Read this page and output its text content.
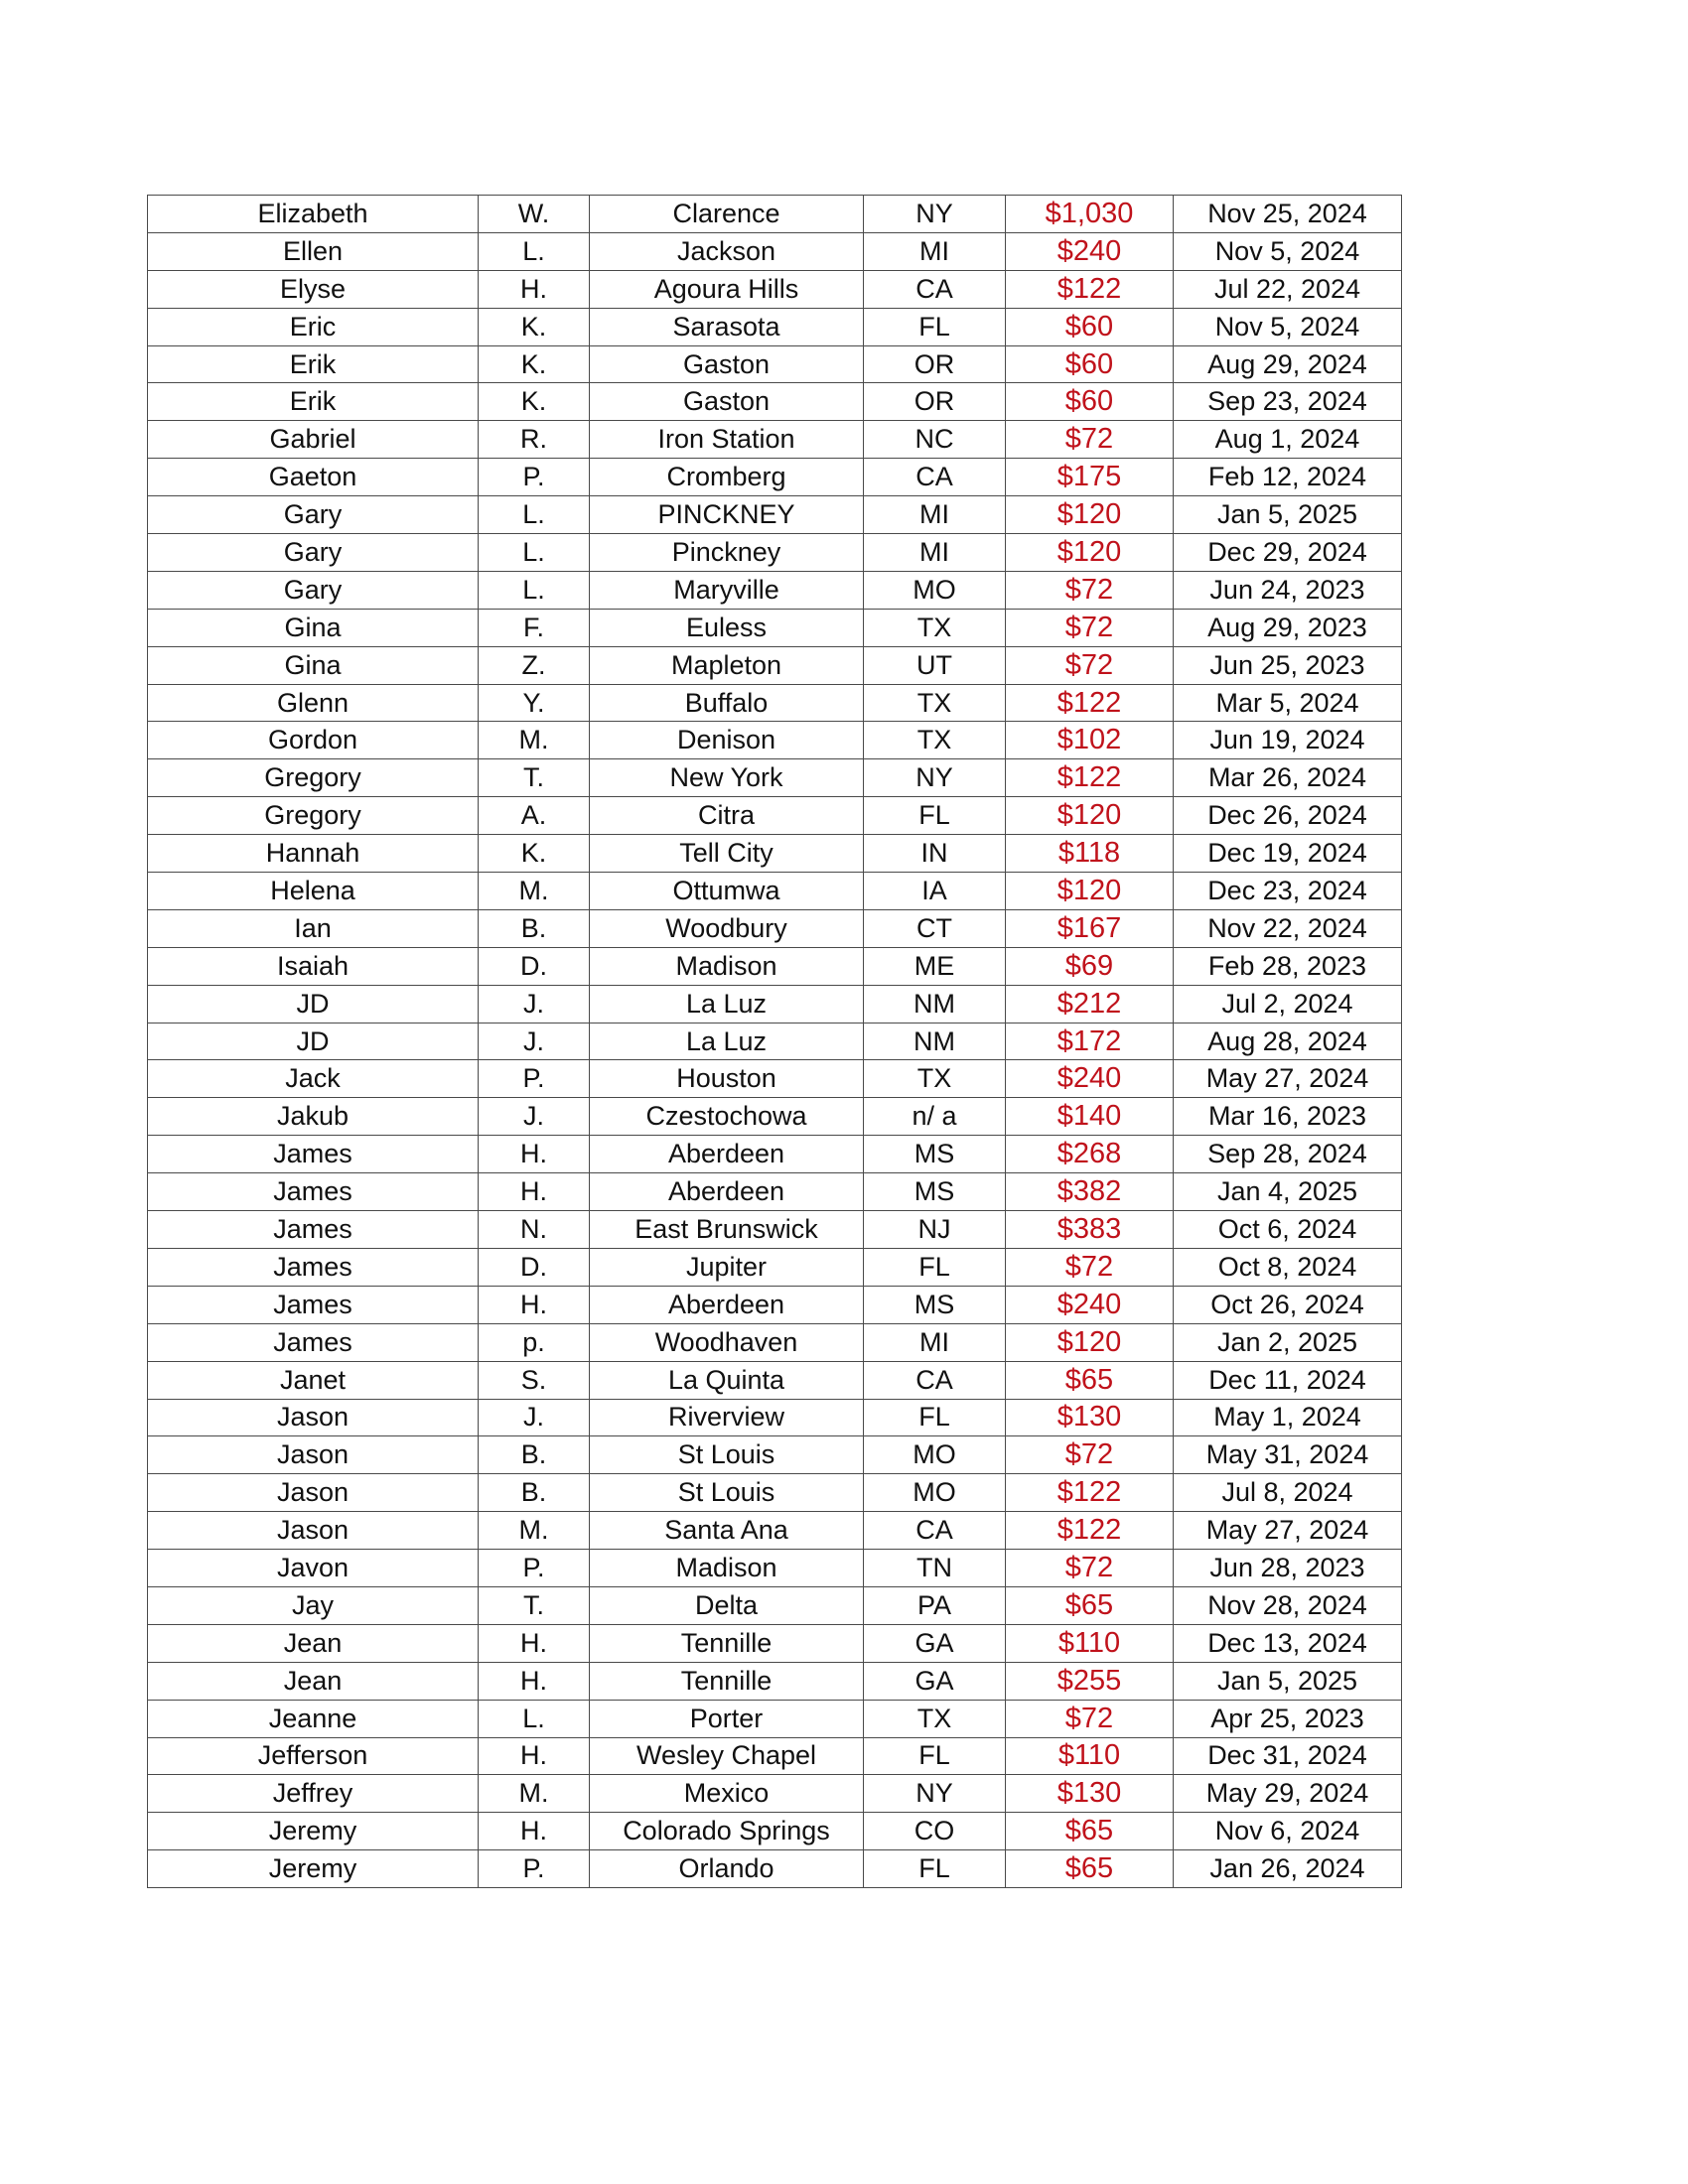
Elizabeth	W.	Clarence	NY	$1,030	Nov 25, 2024
Ellen	L.	Jackson	MI	$240	Nov 5, 2024
Elyse	H.	Agoura Hills	CA	$122	Jul 22, 2024
Eric	K.	Sarasota	FL	$60	Nov 5, 2024
Erik	K.	Gaston	OR	$60	Aug 29, 2024
Erik	K.	Gaston	OR	$60	Sep 23, 2024
Gabriel	R.	Iron Station	NC	$72	Aug 1, 2024
Gaeton	P.	Cromberg	CA	$175	Feb 12, 2024
Gary	L.	PINCKNEY	MI	$120	Jan 5, 2025
Gary	L.	Pinckney	MI	$120	Dec 29, 2024
Gary	L.	Maryville	MO	$72	Jun 24, 2023
Gina	F.	Euless	TX	$72	Aug 29, 2023
Gina	Z.	Mapleton	UT	$72	Jun 25, 2023
Glenn	Y.	Buffalo	TX	$122	Mar 5, 2024
Gordon	M.	Denison	TX	$102	Jun 19, 2024
Gregory	T.	New York	NY	$122	Mar 26, 2024
Gregory	A.	Citra	FL	$120	Dec 26, 2024
Hannah	K.	Tell City	IN	$118	Dec 19, 2024
Helena	M.	Ottumwa	IA	$120	Dec 23, 2024
Ian	B.	Woodbury	CT	$167	Nov 22, 2024
Isaiah	D.	Madison	ME	$69	Feb 28, 2023
JD	J.	La Luz	NM	$212	Jul 2, 2024
JD	J.	La Luz	NM	$172	Aug 28, 2024
Jack	P.	Houston	TX	$240	May 27, 2024
Jakub	J.	Czestochowa	n/ a	$140	Mar 16, 2023
James	H.	Aberdeen	MS	$268	Sep 28, 2024
James	H.	Aberdeen	MS	$382	Jan 4, 2025
James	N.	East Brunswick	NJ	$383	Oct 6, 2024
James	D.	Jupiter	FL	$72	Oct 8, 2024
James	H.	Aberdeen	MS	$240	Oct 26, 2024
James	p.	Woodhaven	MI	$120	Jan 2, 2025
Janet	S.	La Quinta	CA	$65	Dec 11, 2024
Jason	J.	Riverview	FL	$130	May 1, 2024
Jason	B.	St Louis	MO	$72	May 31, 2024
Jason	B.	St Louis	MO	$122	Jul 8, 2024
Jason	M.	Santa Ana	CA	$122	May 27, 2024
Javon	P.	Madison	TN	$72	Jun 28, 2023
Jay	T.	Delta	PA	$65	Nov 28, 2024
Jean	H.	Tennille	GA	$110	Dec 13, 2024
Jean	H.	Tennille	GA	$255	Jan 5, 2025
Jeanne	L.	Porter	TX	$72	Apr 25, 2023
Jefferson	H.	Wesley Chapel	FL	$110	Dec 31, 2024
Jeffrey	M.	Mexico	NY	$130	May 29, 2024
Jeremy	H.	Colorado Springs	CO	$65	Nov 6, 2024
Jeremy	P.	Orlando	FL	$65	Jan 26, 2024
